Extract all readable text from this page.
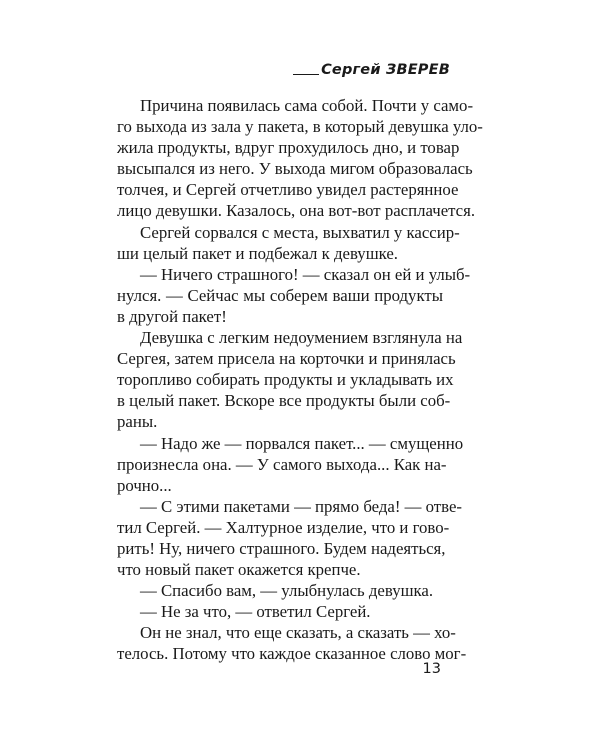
Сергей ЗВЕРЕВ
Причина появилась сама собой. Почти у само-
го выхода из зала у пакета, в который девушка уло-
жила продукты, вдруг прохудилось дно, и товар
высыпался из него. У выхода мигом образовалась
толчея, и Сергей отчетливо увидел растерянное
лицо девушки. Казалось, она вот-вот расплачется.
Сергей сорвался с места, выхватил у кассир-
ши целый пакет и подбежал к девушке.
— Ничего страшного! — сказал он ей и улыб-
нулся. — Сейчас мы соберем ваши продукты
в другой пакет!
Девушка с легким недоумением взглянула на
Сергея, затем присела на корточки и принялась
торопливо собирать продукты и укладывать их
в целый пакет. Вскоре все продукты были соб-
раны.
— Надо же — порвался пакет... — смущенно
произнесла она. — У самого выхода... Как на-
рочно...
— С этими пакетами — прямо беда! — отве-
тил Сергей. — Халтурное изделие, что и гово-
рить! Ну, ничего страшного. Будем надеяться,
что новый пакет окажется крепче.
— Спасибо вам, — улыбнулась девушка.
— Не за что, — ответил Сергей.
Он не знал, что еще сказать, а сказать — хо-
телось. Потому что каждое сказанное слово мог-
13
